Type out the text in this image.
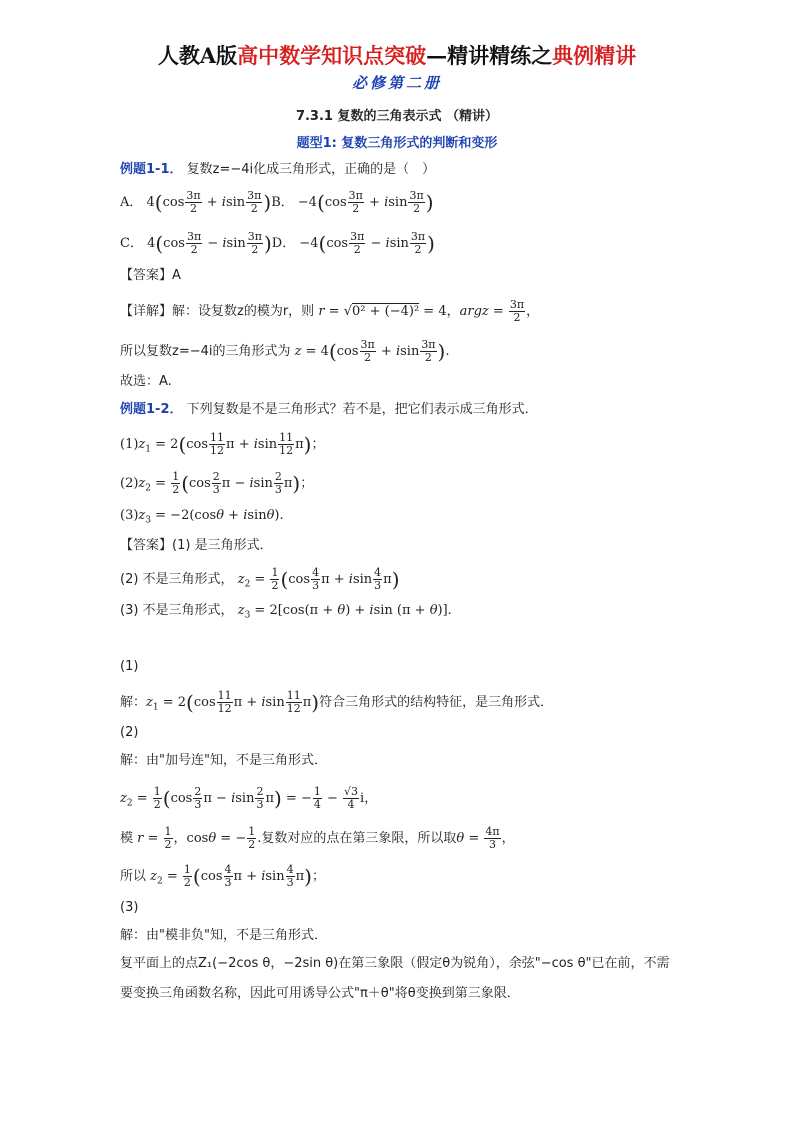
人教A版高中数学知识点突破—精讲精练之典例精讲
必修第二册
7.3.1 复数的三角表示式 （精讲）
题型1: 复数三角形式的判断和变形
例题1-1． 复数z=−4i化成三角形式，正确的是（　）
A． $4(\cos \frac{3\pi}{2} + isin \frac{3\pi}{2} )B$． $-4(\cos \frac{3\pi}{2} + isin \frac{3\pi}{2}$ )
C． $4(\cos \frac{3\pi}{2} - isin \frac{3\pi}{2} )D$． $-4(\cos \frac{3\pi}{2} - isin \frac{3\pi}{2}$ )
【答案】A
【详解】解：设复数z的模为r，则 r = √0² + (−4)² = 4，argz = $\frac{3\pi}{2}$ ，
所以复数z=−4i的三角形式为 $z = 4(\cos \frac{3\pi}{2} + isin \frac{3\pi}{2}$ ).
故选：A.
例题1-2． 下列复数是不是三角形式？若不是，把它们表示成三角形式．
$(1)z_1 = 2(\cos \frac{11}{12}$ π + isin $\frac{11}{12} \pi$)；
$(2)z_2 = \frac{1}{2} (\cos \frac{2}{3}$ π − isin $\frac{2}{3} \pi$)；
$(3)z_3 = -2(\cos\theta + isin\theta)$.
【答案】(1) 是三角形式．
(2) 不是三角形式， $z_2 = \frac{1}{2} (\cos \frac{4}{3}$ π + isin $\frac{4}{3} \pi$)
(3) 不是三角形式， $z_3 = 2[\cos(\pi + \theta) + isin$ (π + θ)].
(1)
解：$z_1 = 2(\cos \frac{11}{12}$ π + isin $\frac{11}{12} \pi$)符合三角形式的结构特征，是三角形式．
(2)
解：由"加号连"知，不是三角形式．
$z_2 = \frac{1}{2} (\cos \frac{2}{3}$ π − isin $\frac{2}{3} \pi$) = − $\frac{1}{4} - \frac{√3}{4}$ i，
模 $r = \frac{1}{2}$ ，cosθ = − $\frac{1}{2}$ .复数对应的点在第三象限，所以取$\theta = \frac{4\pi}{3}$ ，
所以 $z_2 = \frac{1}{2} (\cos \frac{4}{3}$ π + isin $\frac{4}{3} \pi$)；
(3)
解：由"模非负"知，不是三角形式．
复平面上的点Z₁(−2cos θ，−2sin θ)在第三象限（假定θ为锐角），余弦"−cos θ"已在前，不需
要变换三角函数名称，因此可用诱导公式"π＋θ"将θ变换到第三象限．
